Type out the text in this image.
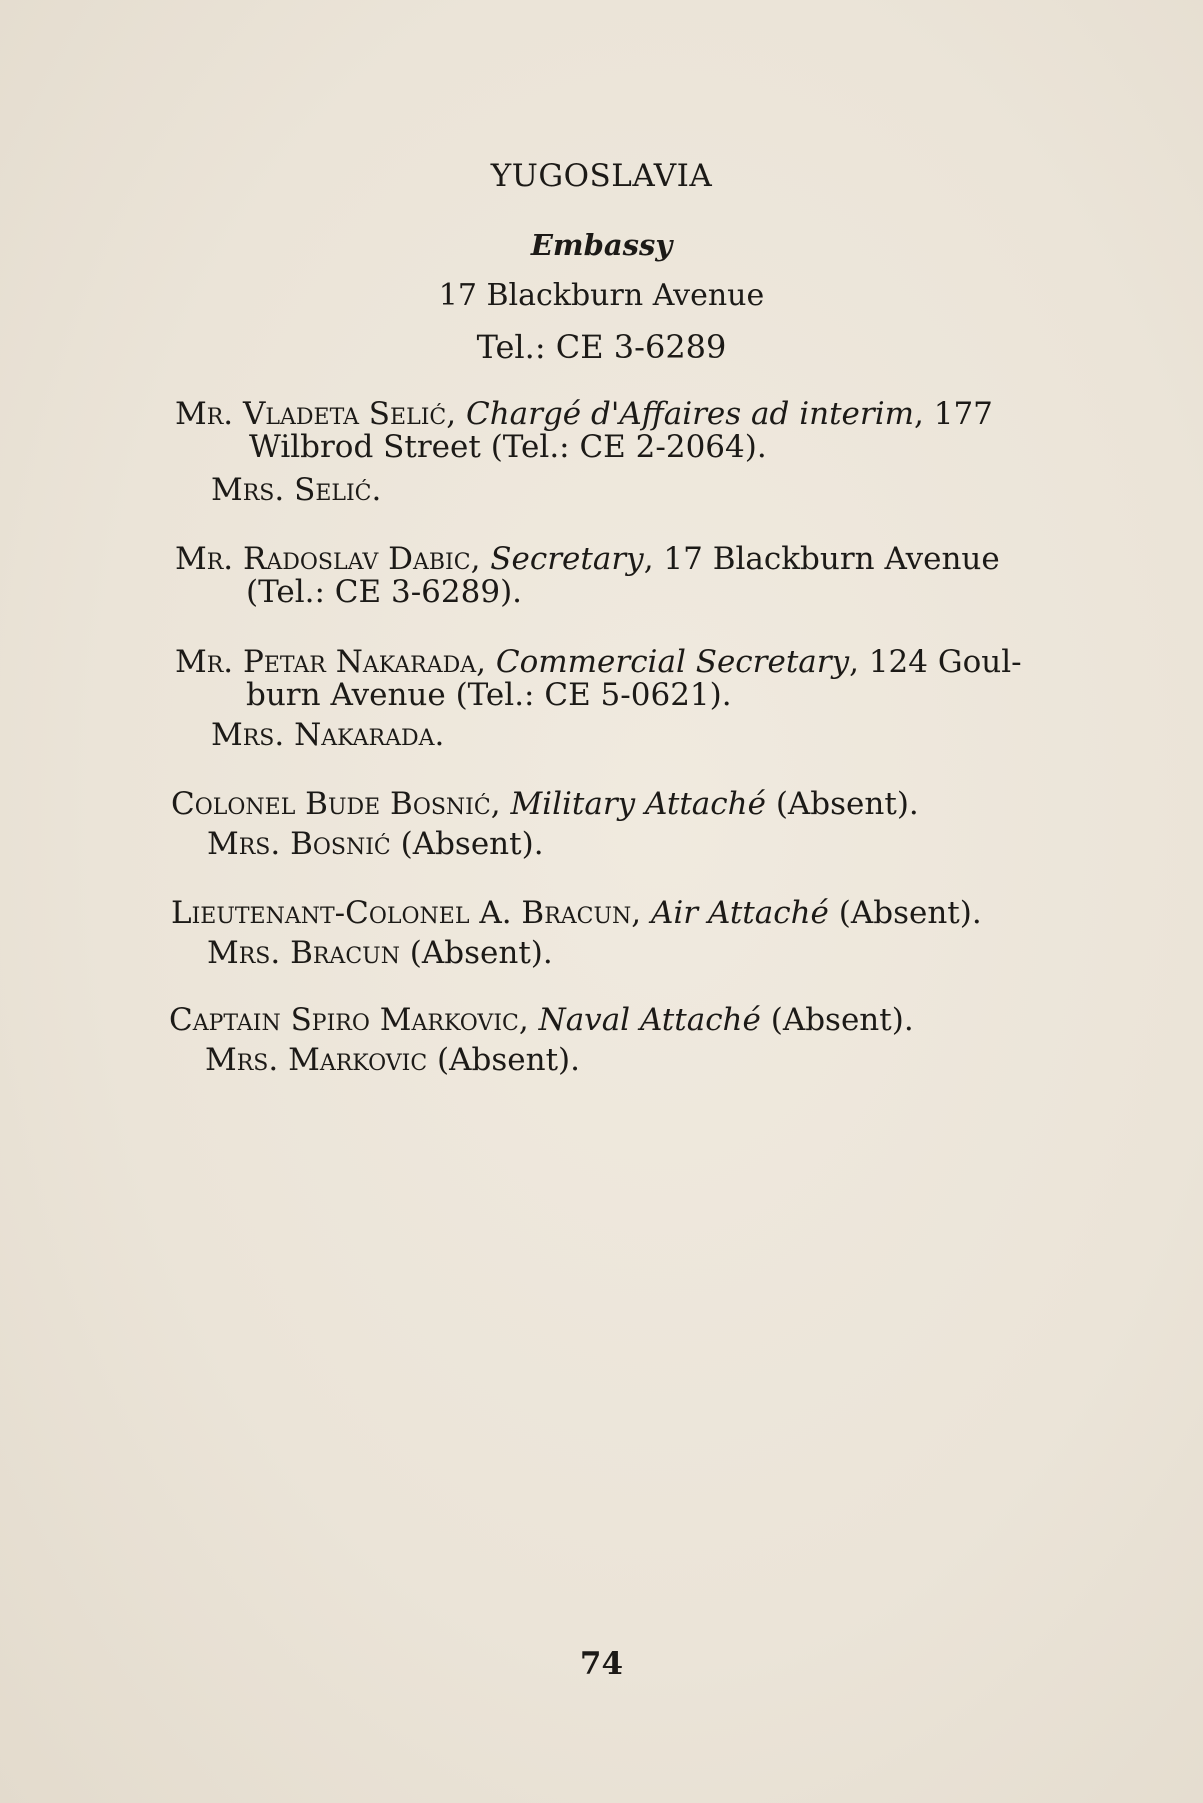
YUGOSLAVIA
Embassy
17 Blackburn Avenue
Tel.: CE 3-6289
Mr. Vladeta Selić, Chargé d'Affaires ad interim, 177
Wilbrod Street (Tel.: CE 2-2064).
Mrs. Selić.
Mr. Radoslav Dabic, Secretary, 17 Blackburn Avenue
(Tel.: CE 3-6289).
Mr. Petar Nakarada, Commercial Secretary, 124 Goul-
burn Avenue (Tel.: CE 5-0621).
Mrs. Nakarada.
Colonel Bude Bosnić, Military Attaché (Absent).
Mrs. Bosnić (Absent).
Lieutenant-Colonel A. Bracun, Air Attaché (Absent).
Mrs. Bracun (Absent).
Captain Spiro Markovic, Naval Attaché (Absent).
Mrs. Markovic (Absent).
74
